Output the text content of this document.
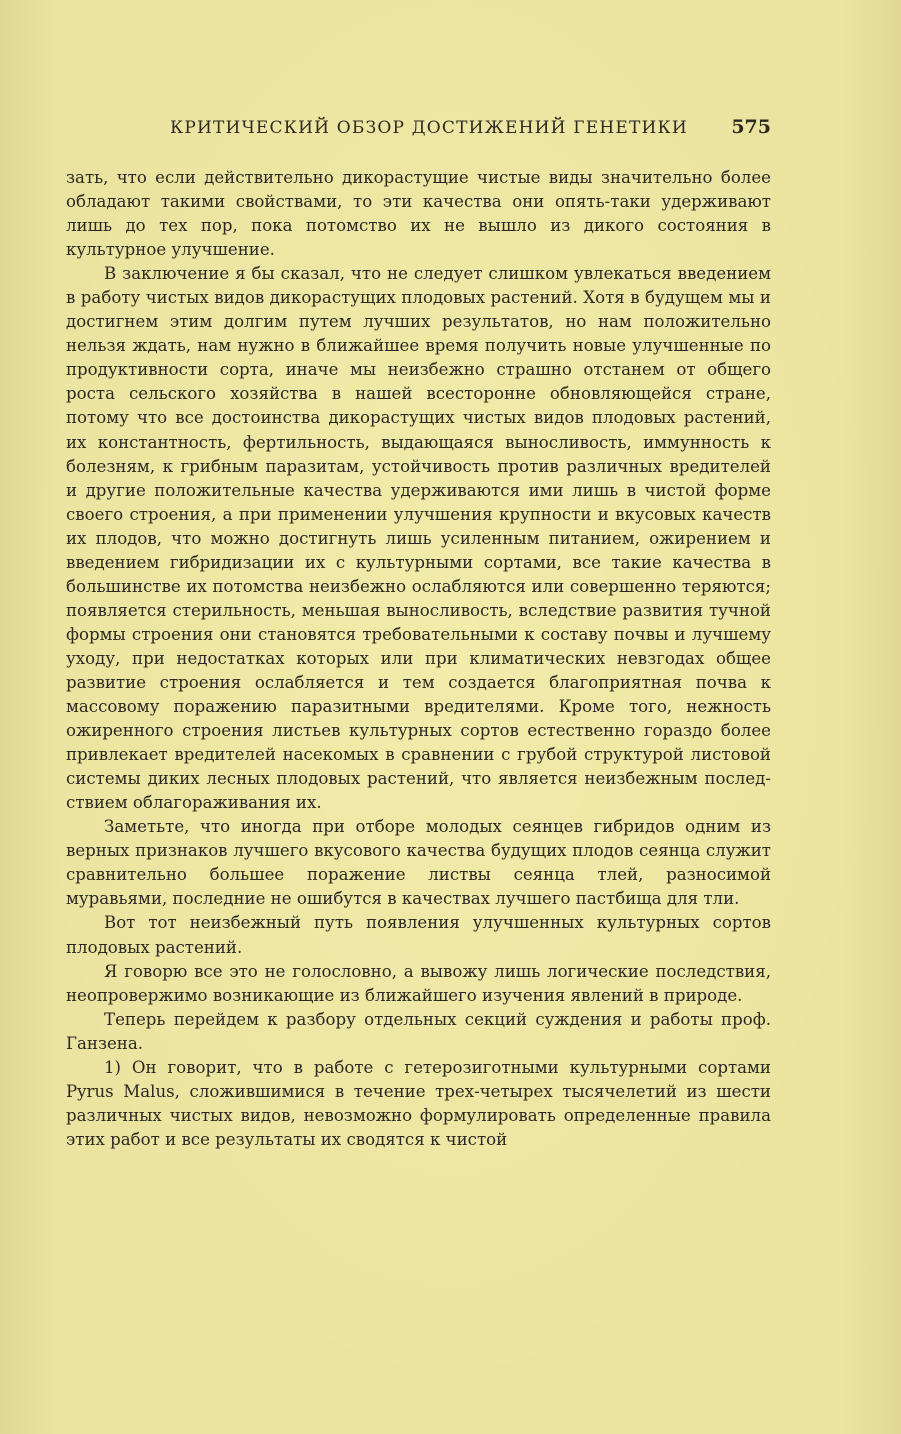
КРИТИЧЕСКИЙ ОБЗОР ДОСТИЖЕНИЙ ГЕНЕТИКИ 575

зать, что если действительно дикорастущие чистые виды значительно более обладают такими свойствами, то эти качества они опять-таки удерживают лишь до тех пор, пока потомство их не вышло из дикого состояния в культурное улучшение.

В заключение я бы сказал, что не следует слишком увлекаться введением в работу чистых видов дикорастущих плодовых растений. Хотя в будущем мы и достигнем этим долгим путем лучших результатов, но нам положительно нельзя ждать, нам нужно в ближайшее время получить новые улучшенные по продуктивности сорта, иначе мы неизбежно страшно отстанем от общего роста сельского хозяйства в нашей всесторонне обновляющейся стране, потому что все достоинства дикорастущих чистых видов плодовых растений, их константность, фертильность, выдающаяся выносливость, иммунность к болезням, к грибным паразитам, устойчивость против различных вредителей и другие положительные качества удерживаются ими лишь в чистой форме своего строения, а при применении улучшения крупности и вкусовых качеств их плодов, что можно достигнуть лишь усиленным питанием, ожирением и введением гибридизации их с культурными сортами, все такие качества в большинстве их потомства неизбежно ослабляются или совершенно теряются; появляется стерильность, меньшая выносливость, вследствие развития тучной формы строения они становятся требовательными к составу почвы и лучшему уходу, при недостатках которых или при климатических невзгодах общее развитие строения ослабляется и тем создается благоприятная почва к массовому поражению паразитными вредителями. Кроме того, нежность ожиренного строения листьев культурных сортов естественно гораздо более привлекает вредителей насекомых в сравнении с грубой структурой листовой системы диких лесных плодовых растений, что является неизбежным последствием облагораживания их.

Заметьте, что иногда при отборе молодых сеянцев гибридов одним из верных признаков лучшего вкусового качества будущих плодов сеянца служит сравнительно большее поражение листвы сеянца тлей, разносимой муравьями, последние не ошибутся в качествах лучшего пастбища для тли.

Вот тот неизбежный путь появления улучшенных культурных сортов плодовых растений.

Я говорю все это не голословно, а вывожу лишь логические последствия, неопровержимо возникающие из ближайшего изучения явлений в природе.

Теперь перейдем к разбору отдельных секций суждения и работы проф. Ганзена.

1) Он говорит, что в работе с гетерозиготными культурными сортами Pyrus Malus, сложившимися в течение трех-четырех тысячелетий из шести различных чистых видов, невозможно формулировать определенные правила этих работ и все результаты их сводятся к чистой
